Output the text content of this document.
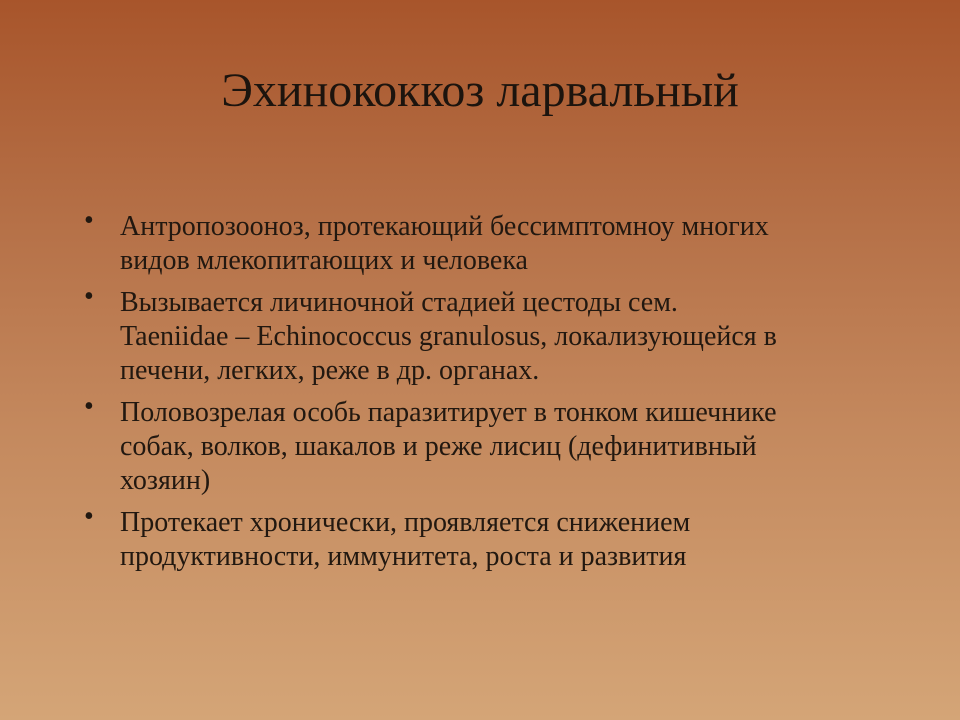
Эхинококкоз ларвальный
• Антропозооноз, протекающий бессимптомноу многих
видов млекопитающих и человека
• Вызывается личиночной стадией цестоды сем.
Taeniidae – Echinococcus granulosus, локализующейся в
печени, легких, реже в др. органах.
• Половозрелая особь паразитирует в тонком кишечнике
собак, волков, шакалов и реже лисиц (дефинитивный
хозяин)
• Протекает хронически, проявляется снижением
продуктивности, иммунитета, роста и развития
